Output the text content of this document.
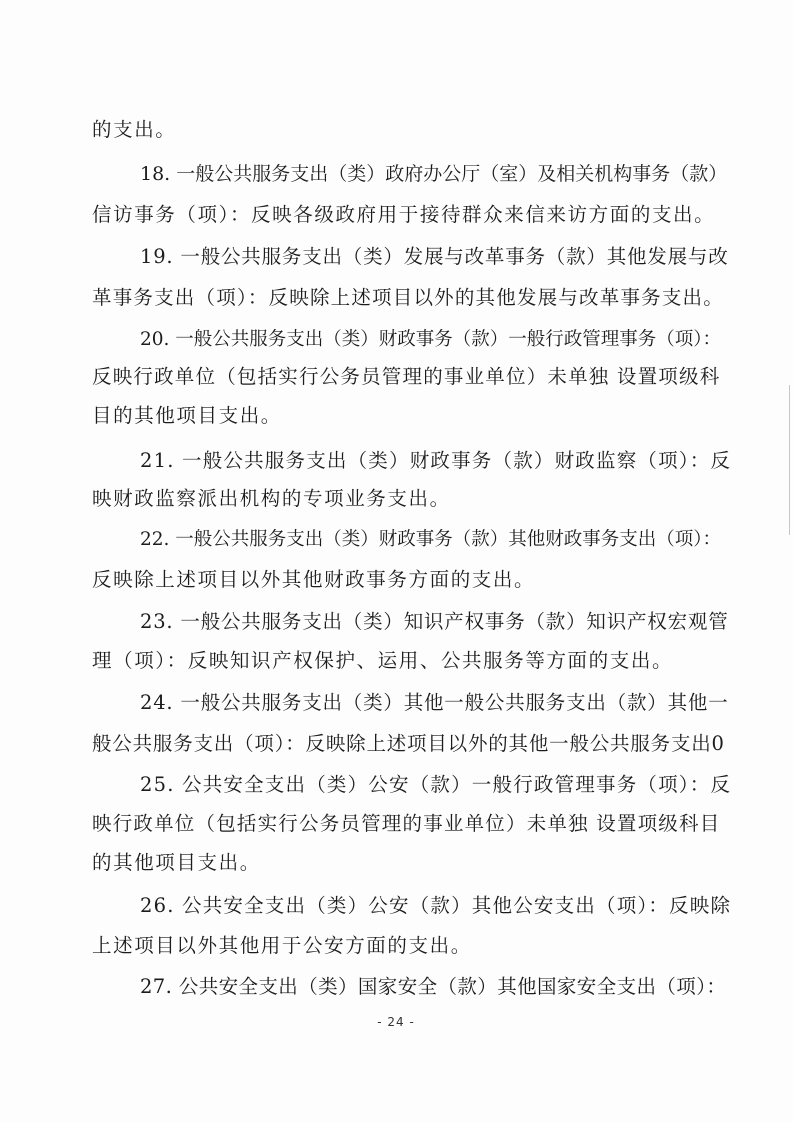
的支出。
18. 一般公共服务支出（类）政府办公厅（室）及相关机构事务（款）
信访事务（项）：反映各级政府用于接待群众来信来访方面的支出。
19. 一般公共服务支出（类）发展与改革事务（款）其他发展与改
革事务支出（项）：反映除上述项目以外的其他发展与改革事务支出。
20. 一般公共服务支出（类）财政事务（款）一般行政管理事务（项）：
反映行政单位（包括实行公务员管理的事业单位）未单独 设置项级科
目的其他项目支出。
21. 一般公共服务支出（类）财政事务（款）财政监察（项）：反
映财政监察派出机构的专项业务支出。
22. 一般公共服务支出（类）财政事务（款）其他财政事务支出（项）：
反映除上述项目以外其他财政事务方面的支出。
23. 一般公共服务支出（类）知识产权事务（款）知识产权宏观管
理（项）：反映知识产权保护、运用、公共服务等方面的支出。
24. 一般公共服务支出（类）其他一般公共服务支出（款）其他一
般公共服务支出（项）：反映除上述项目以外的其他一般公共服务支出0
25. 公共安全支出（类）公安（款）一般行政管理事务（项）：反
映行政单位（包括实行公务员管理的事业单位）未单独 设置项级科目
的其他项目支出。
26. 公共安全支出（类）公安（款）其他公安支出（项）：反映除
上述项目以外其他用于公安方面的支出。
27. 公共安全支出（类）国家安全（款）其他国家安全支出（项）：
- 24 -
